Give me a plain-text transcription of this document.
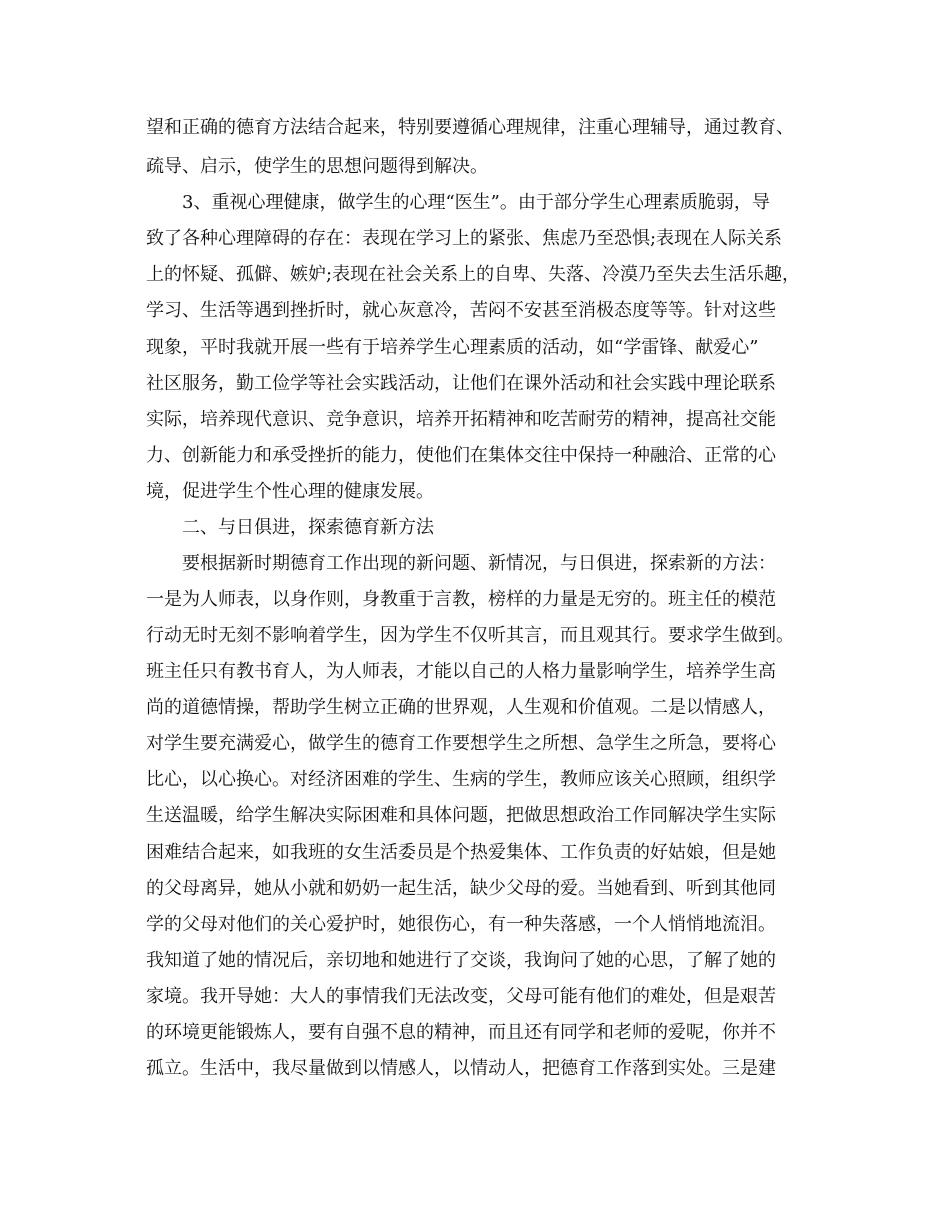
望和正确的德育方法结合起来，特别要遵循心理规律，注重心理辅导，通过教育、

疏导、启示，使学生的思想问题得到解决。

3、重视心理健康，做学生的心理“医生”。由于部分学生心理素质脆弱，导

致了各种心理障碍的存在：表现在学习上的紧张、焦虑乃至恐惧;表现在人际关系

上的怀疑、孤僻、嫉妒;表现在社会关系上的自卑、失落、冷漠乃至失去生活乐趣，

学习、生活等遇到挫折时，就心灰意冷，苦闷不安甚至消极态度等等。针对这些

现象，平时我就开展一些有于培养学生心理素质的活动，如“学雷锋、献爱心”

社区服务，勤工俭学等社会实践活动，让他们在课外活动和社会实践中理论联系

实际，培养现代意识、竞争意识，培养开拓精神和吃苦耐劳的精神，提高社交能

力、创新能力和承受挫折的能力，使他们在集体交往中保持一种融洽、正常的心

境，促进学生个性心理的健康发展。

二、与日俱进，探索德育新方法

要根据新时期德育工作出现的新问题、新情况，与日俱进，探索新的方法：

一是为人师表，以身作则，身教重于言教，榜样的力量是无穷的。班主任的模范

行动无时无刻不影响着学生，因为学生不仅听其言，而且观其行。要求学生做到。

班主任只有教书育人，为人师表，才能以自己的人格力量影响学生，培养学生高

尚的道德情操，帮助学生树立正确的世界观，人生观和价值观。二是以情感人，

对学生要充满爱心，做学生的德育工作要想学生之所想、急学生之所急，要将心

比心，以心换心。对经济困难的学生、生病的学生，教师应该关心照顾，组织学

生送温暖，给学生解决实际困难和具体问题，把做思想政治工作同解决学生实际

困难结合起来，如我班的女生活委员是个热爱集体、工作负责的好姑娘，但是她

的父母离异，她从小就和奶奶一起生活，缺少父母的爱。当她看到、听到其他同

学的父母对他们的关心爱护时，她很伤心，有一种失落感，一个人悄悄地流泪。

我知道了她的情况后，亲切地和她进行了交谈，我询问了她的心思，了解了她的

家境。我开导她：大人的事情我们无法改变，父母可能有他们的难处，但是艰苦

的环境更能锻炼人，要有自强不息的精神，而且还有同学和老师的爱呢，你并不

孤立。生活中，我尽量做到以情感人，以情动人，把德育工作落到实处。三是建
